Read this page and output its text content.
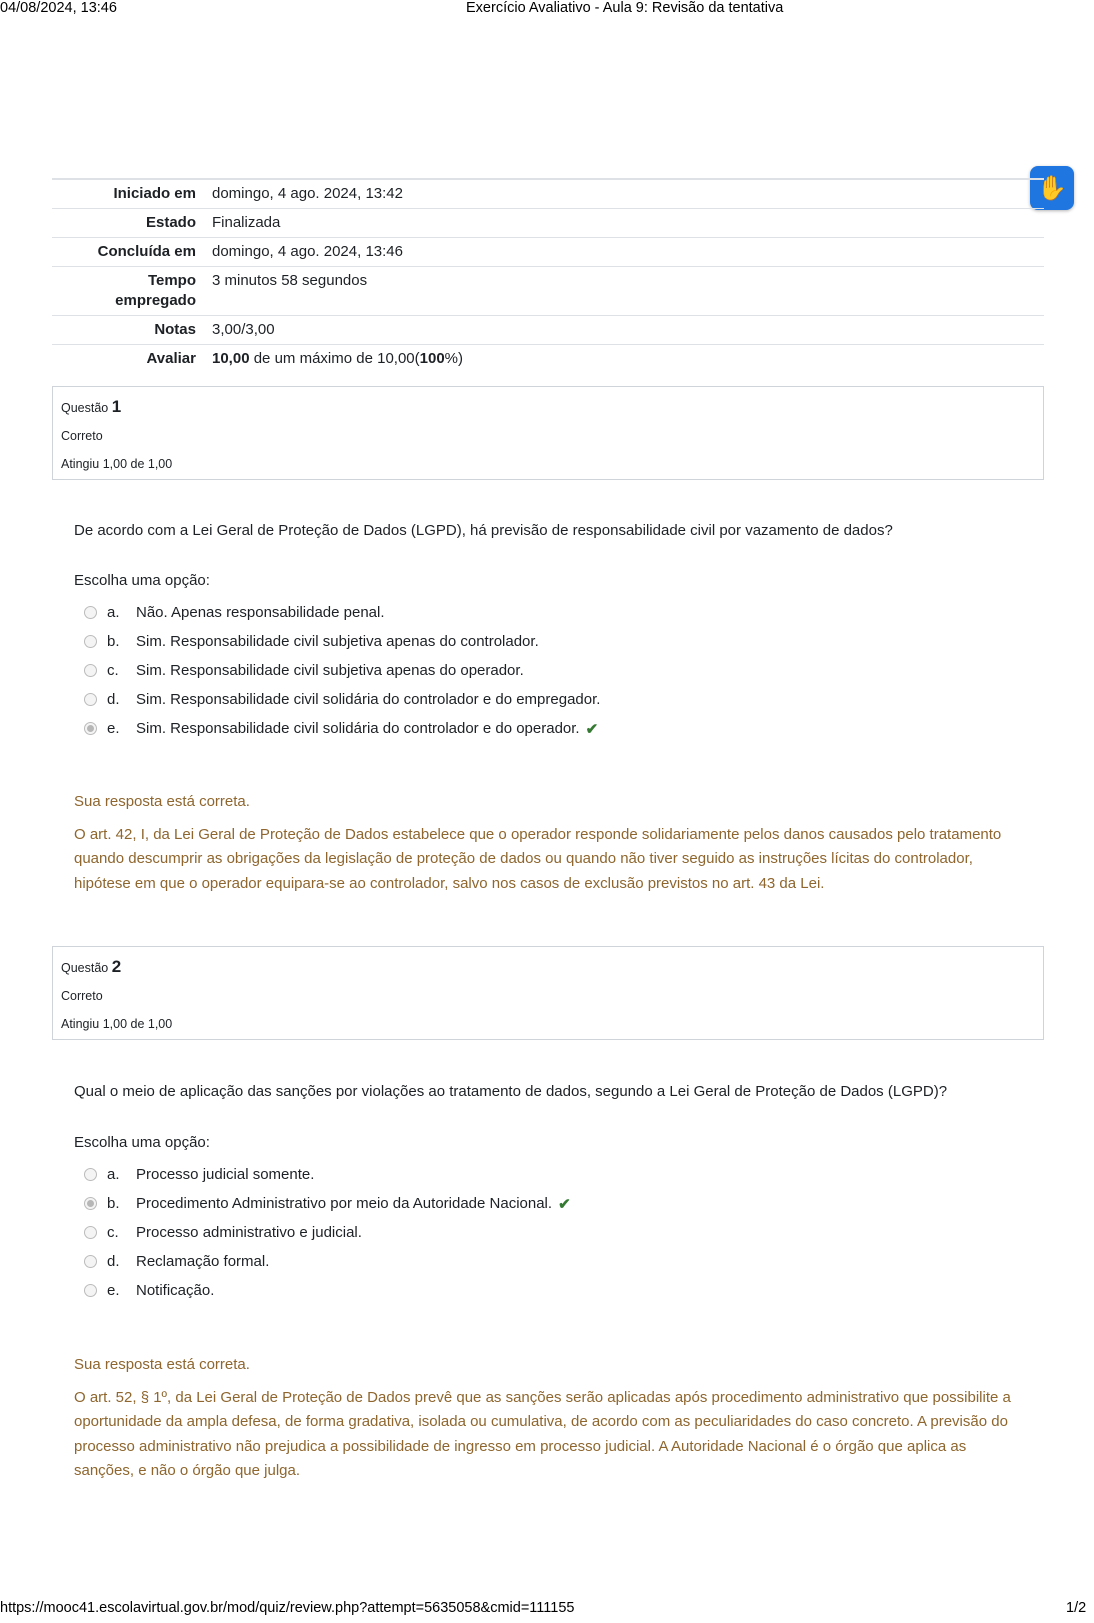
04/08/2024, 13:46	Exercício Avaliativo - Aula 9: Revisão da tentativa
✋
Iniciado em	domingo, 4 ago. 2024, 13:42
Estado	Finalizada
Concluída em	domingo, 4 ago. 2024, 13:46
Tempo empregado	3 minutos 58 segundos
Notas	3,00/3,00
Avaliar	10,00 de um máximo de 10,00(100%)
Questão 1
Correto
Atingiu 1,00 de 1,00
De acordo com a Lei Geral de Proteção de Dados (LGPD), há previsão de responsabilidade civil por vazamento de dados?
Escolha uma opção:
a.	Não. Apenas responsabilidade penal.
b.	Sim. Responsabilidade civil subjetiva apenas do controlador.
c.	Sim. Responsabilidade civil subjetiva apenas do operador.
d.	Sim. Responsabilidade civil solidária do controlador e do empregador.
e.	Sim. Responsabilidade civil solidária do controlador e do operador. ✔
Sua resposta está correta.
O art. 42, I, da Lei Geral de Proteção de Dados estabelece que o operador responde solidariamente pelos danos causados pelo tratamento quando descumprir as obrigações da legislação de proteção de dados ou quando não tiver seguido as instruções lícitas do controlador, hipótese em que o operador equipara-se ao controlador, salvo nos casos de exclusão previstos no art. 43 da Lei.
Questão 2
Correto
Atingiu 1,00 de 1,00
Qual o meio de aplicação das sanções por violações ao tratamento de dados, segundo a Lei Geral de Proteção de Dados (LGPD)?
Escolha uma opção:
a.	Processo judicial somente.
b.	Procedimento Administrativo por meio da Autoridade Nacional. ✔
c.	Processo administrativo e judicial.
d.	Reclamação formal.
e.	Notificação.
Sua resposta está correta.
O art. 52, § 1º, da Lei Geral de Proteção de Dados prevê que as sanções serão aplicadas após procedimento administrativo que possibilite a oportunidade da ampla defesa, de forma gradativa, isolada ou cumulativa, de acordo com as peculiaridades do caso concreto. A previsão do processo administrativo não prejudica a possibilidade de ingresso em processo judicial. A Autoridade Nacional é o órgão que aplica as sanções, e não o órgão que julga.
https://mooc41.escolavirtual.gov.br/mod/quiz/review.php?attempt=5635058&cmid=111155	1/2
